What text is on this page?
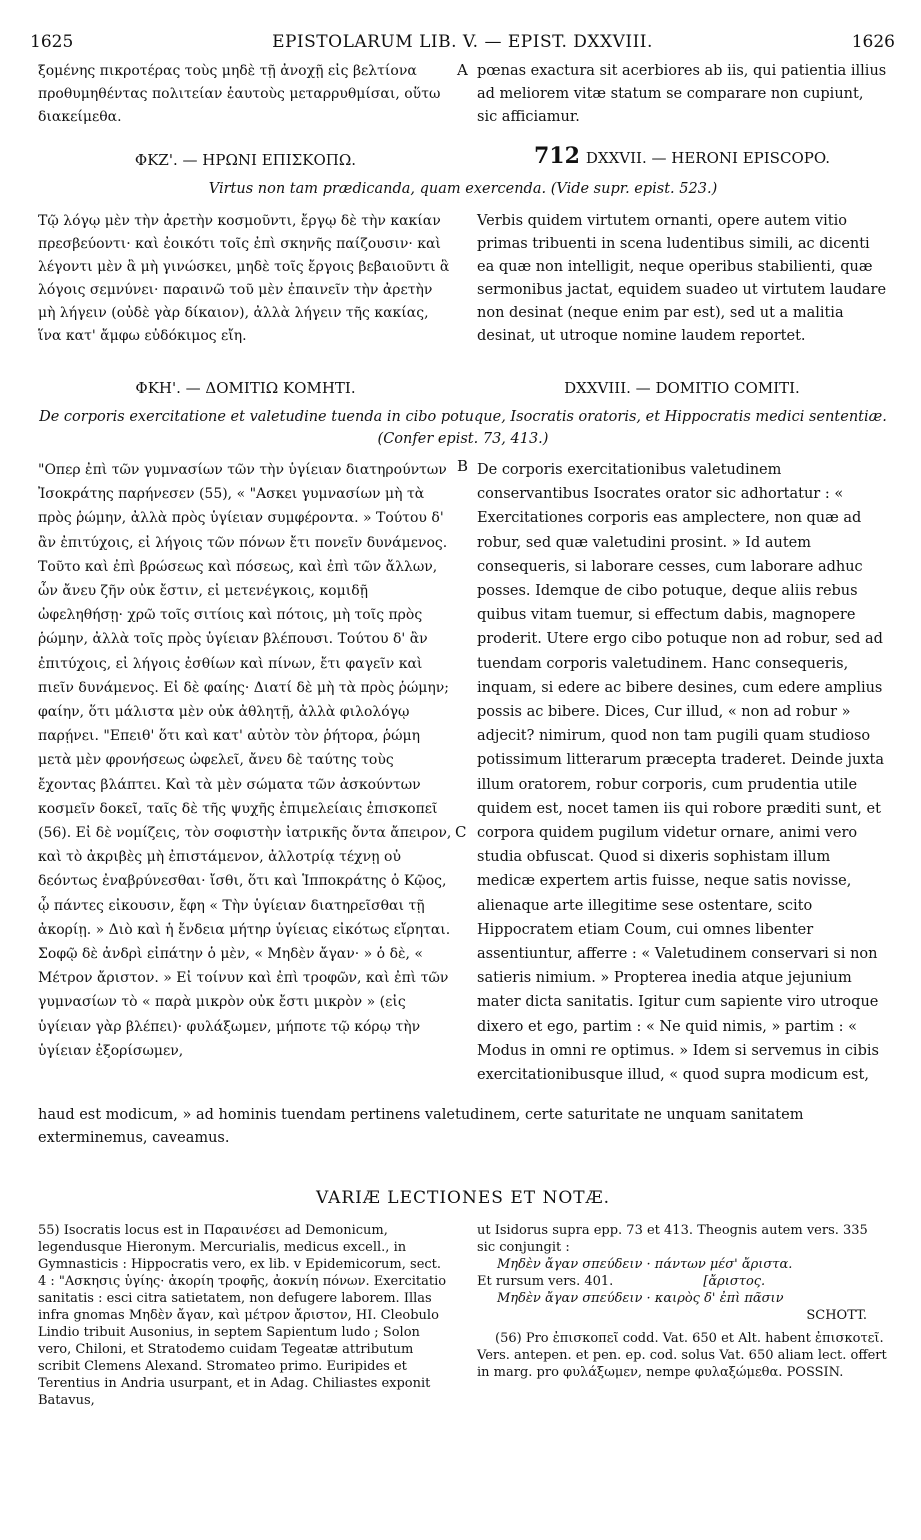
1625	EPISTOLARUM LIB. V. — EPIST. DXXVIII.	1626
ξομένης πικροτέρας τοὺς μηδὲ τῇ ἀνοχῇ εἰς βελτίονα προθυμηθέντας πολιτείαν ἑαυτοὺς μεταρρυθμίσαι, οὕτω διακείμεθα.
A pœnas exactura sit acerbiores ab iis, qui patientia illius ad meliorem vitæ statum se comparare non cupiunt, sic afficiamur.
ΦΚΖ'. — ΗΡΩΝΙ ΕΠΙΣΚΟΠΩ.	712 DXXVII. — HERONI EPISCOPO.
Virtus non tam prædicanda, quam exercenda. (Vide supr. epist. 523.)
Τῷ λόγῳ μὲν τὴν ἀρετὴν κοσμοῦντι, ἔργῳ δὲ τὴν κακίαν πρεσβεύοντι· καὶ ἐοικότι τοῖς ἐπὶ σκηνῆς παίζουσιν· καὶ λέγοντι μὲν ἃ μὴ γινώσκει, μηδὲ τοῖς ἔργοις βεβαιοῦντι ἃ λόγοις σεμνύνει· παραινῶ τοῦ μὲν ἐπαινεῖν τὴν ἀρετὴν μὴ λήγειν (οὐδὲ γὰρ δίκαιον), ἀλλὰ λήγειν τῆς κακίας, ἵνα κατ' ἄμφω εὐδόκιμος εἴη.
Verbis quidem virtutem ornanti, opere autem vitio primas tribuenti in scena ludentibus simili, ac dicenti ea quæ non intelligit, neque operibus stabilienti, quæ sermonibus jactat, equidem suadeo ut virtutem laudare non desinat (neque enim par est), sed ut a malitia desinat, ut utroque nomine laudem reportet.
ΦΚΗ'. — ΔΟΜΙΤΙΩ ΚΟΜΗΤΙ.	DXXVIII. — DOMITIO COMITI.
De corporis exercitatione et valetudine tuenda in cibo potuque, Isocratis oratoris, et Hippocratis medici sententiæ. (Confer epist. 73, 413.)
"Οπερ ἐπὶ τῶν γυμνασίων τῶν τὴν ὑγίειαν διατηρούντων Ἰσοκράτης παρήνεσεν (55), « "Ασκει γυμνασίων μὴ τὰ πρὸς ῥώμην, ἀλλὰ πρὸς ὑγίειαν συμφέροντα. » Τούτου δ' ἂν ἐπιτύχοις, εἰ λήγοις τῶν πόνων ἔτι πονεῖν δυνάμενος. Τοῦτο καὶ ἐπὶ βρώσεως καὶ πόσεως, καὶ ἐπὶ τῶν ἄλλων, ὧν ἄνευ ζῆν οὐκ ἔστιν, εἰ μετενέγκοις, κομιδῇ ὠφεληθήσῃ· χρῶ τοῖς σιτίοις καὶ πότοις, μὴ τοῖς πρὸς ῥώμην, ἀλλὰ τοῖς πρὸς ὑγίειαν βλέπουσι. Τούτου δ' ἂν ἐπιτύχοις, εἰ λήγοις ἐσθίων καὶ πίνων, ἔτι φαγεῖν καὶ πιεῖν δυνάμενος. Εἰ δὲ φαίης· Διατί δὲ μὴ τὰ πρὸς ῥώμην; φαίην, ὅτι μάλιστα μὲν οὐκ ἀθλητῇ, ἀλλὰ φιλολόγῳ παρῄνει. "Επειθ' ὅτι καὶ κατ' αὐτὸν τὸν ῥήτορα, ῥώμη μετὰ μὲν φρονήσεως ὠφελεῖ, ἄνευ δὲ ταύτης τοὺς ἔχοντας βλάπτει. Καὶ τὰ μὲν σώματα τῶν ἀσκούντων κοσμεῖν δοκεῖ, ταῖς δὲ τῆς ψυχῆς ἐπιμελείαις ἐπισκοπεῖ (56). Εἰ δὲ νομίζεις, τὸν σοφιστὴν ἰατρικῆς ὄντα ἄπειρον, καὶ τὸ ἀκριβὲς μὴ ἐπιστάμενον, ἀλλοτρίᾳ τέχνῃ οὐ δεόντως ἐναβρύνεσθαι· ἴσθι, ὅτι καὶ Ἱπποκράτης ὁ Κῷος, ᾧ πάντες εἰκουσιν, ἔφη « Τὴν ὑγίειαν διατηρεῖσθαι τῇ ἀκορίῃ. » Διὸ καὶ ἡ ἔνδεια μήτηρ ὑγίειας εἰκότως εἴρηται. Σοφῷ δὲ ἀνδρὶ εἰπάτην ὁ μὲν, « Μηδὲν ἄγαν· » ὁ δὲ, « Μέτρον ἄριστον. » Εἰ τοίνυν καὶ ἐπὶ τροφῶν, καὶ ἐπὶ τῶν γυμνασίων τὸ « παρὰ μικρὸν οὐκ ἔστι μικρὸν » (εἰς ὑγίειαν γὰρ βλέπει)· φυλάξωμεν, μήποτε τῷ κόρῳ τὴν ὑγίειαν ἐξορίσωμεν,
B
C
De corporis exercitationibus valetudinem conservantibus Isocrates orator sic adhortatur : « Exercitationes corporis eas amplectere, non quæ ad robur, sed quæ valetudini prosint. » Id autem consequeris, si laborare cesses, cum laborare adhuc posses. Idemque de cibo potuque, deque aliis rebus quibus vitam tuemur, si effectum dabis, magnopere proderit. Utere ergo cibo potuque non ad robur, sed ad tuendam corporis valetudinem. Hanc consequeris, inquam, si edere ac bibere desines, cum edere amplius possis ac bibere. Dices, Cur illud, « non ad robur » adjecit? nimirum, quod non tam pugili quam studioso potissimum litterarum præcepta traderet. Deinde juxta illum oratorem, robur corporis, cum prudentia utile quidem est, nocet tamen iis qui robore præditi sunt, et corpora quidem pugilum videtur ornare, animi vero studia obfuscat. Quod si dixeris sophistam illum medicæ expertem artis fuisse, neque satis novisse, alienaque arte illegitime sese ostentare, scito Hippocratem etiam Coum, cui omnes libenter assentiuntur, afferre : « Valetudinem conservari si non satieris nimium. » Propterea inedia atque jejunium mater dicta sanitatis. Igitur cum sapiente viro utroque dixero et ego, partim : « Ne quid nimis, » partim : « Modus in omni re optimus. » Idem si servemus in cibis exercitationibusque illud, « quod supra modicum est,
haud est modicum, » ad hominis tuendam pertinens valetudinem, certe saturitate ne unquam sanitatem exterminemus, caveamus.
VARIÆ LECTIONES ET NOTÆ.
55) Isocratis locus est in Παραινέσει ad Demonicum, legendusque Hieronym. Mercurialis, medicus excell., in Gymnasticis : Hippocratis vero, ex lib. v Epidemicorum, sect. 4 : "Ασκησις ὑγίης· ἀκορίη τροφῆς, ἀοκνίη πόνων. Exercitatio sanitatis : esci citra satietatem, non defugere laborem. Illas infra gnomas Μηδὲν ἄγαν, καὶ μέτρον ἄριστον, ΗΙ. Cleobulo Lindio tribuit Ausonius, in septem Sapientum ludo ; Solon vero, Chiloni, et Stratodemo cuidam Tegeatæ attributum scribit Clemens Alexand. Stromateo primo. Euripides et Terentius in Andria usurpant, et in Adag. Chiliastes exponit Batavus,

ut Isidorus supra epp. 73 et 413. Theognis autem vers. 335 sic conjungit :

Μηδὲν ἄγαν σπεύδειν · πάντων μέσ' ἄριστα.

Et rursum vers. 401.	[ἄριστος.

Μηδὲν ἄγαν σπεύδειν · καιρὸς δ' ἐπὶ πᾶσιν

SCHOTT.

(56) Pro ἐπισκοπεῖ codd. Vat. 650 et Alt. habent ἐπισκοτεῖ. Vers. antepen. et pen. ep. cod. solus Vat. 650 aliam lect. offert in marg. pro φυλάξωμεν, nempe φυλαξώμεθα. POSSIN.
